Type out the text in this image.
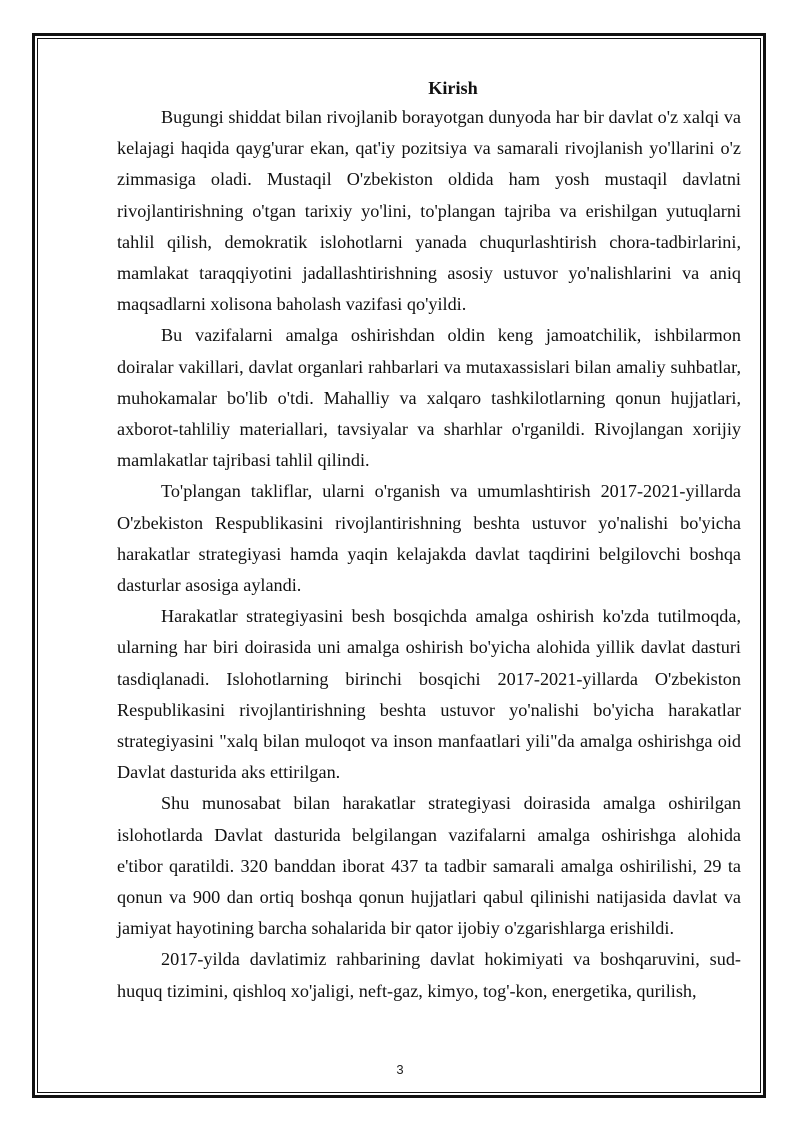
Kirish

Bugungi shiddat bilan rivojlanib borayotgan dunyoda har bir davlat o'z xalqi va kelajagi haqida qayg'urar ekan, qat'iy pozitsiya va samarali rivojlanish yo'llarini o'z zimmasiga oladi. Mustaqil O'zbekiston oldida ham yosh mustaqil davlatni rivojlantirishning o'tgan tarixiy yo'lini, to'plangan tajriba va erishilgan yutuqlarni tahlil qilish, demokratik islohotlarni yanada chuqurlashtirish chora-tadbirlarini, mamlakat taraqqiyotini jadallashtirishning asosiy ustuvor yo'nalishlarini va aniq maqsadlarni xolisona baholash vazifasi qo'yildi.

Bu vazifalarni amalga oshirishdan oldin keng jamoatchilik, ishbilarmon doiralar vakillari, davlat organlari rahbarlari va mutaxassislari bilan amaliy suhbatlar, muhokamalar bo'lib o'tdi. Mahalliy va xalqaro tashkilotlarning qonun hujjatlari, axborot-tahliliy materiallari, tavsiyalar va sharhlar o'rganildi. Rivojlangan xorijiy mamlakatlar tajribasi tahlil qilindi.

To'plangan takliflar, ularni o'rganish va umumlashtirish 2017-2021-yillarda O'zbekiston Respublikasini rivojlantirishning beshta ustuvor yo'nalishi bo'yicha harakatlar strategiyasi hamda yaqin kelajakda davlat taqdirini belgilovchi boshqa dasturlar asosiga aylandi.

Harakatlar strategiyasini besh bosqichda amalga oshirish ko'zda tutilmoqda, ularning har biri doirasida uni amalga oshirish bo'yicha alohida yillik davlat dasturi tasdiqlanadi. Islohotlarning birinchi bosqichi 2017-2021-yillarda O'zbekiston Respublikasini rivojlantirishning beshta ustuvor yo'nalishi bo'yicha harakatlar strategiyasini "xalq bilan muloqot va inson manfaatlari yili"da amalga oshirishga oid Davlat dasturida aks ettirilgan.

Shu munosabat bilan harakatlar strategiyasi doirasida amalga oshirilgan islohotlarda Davlat dasturida belgilangan vazifalarni amalga oshirishga alohida e'tibor qaratildi. 320 banddan iborat 437 ta tadbir samarali amalga oshirilishi, 29 ta qonun va 900 dan ortiq boshqa qonun hujjatlari qabul qilinishi natijasida davlat va jamiyat hayotining barcha sohalarida bir qator ijobiy o'zgarishlarga erishildi.

2017-yilda davlatimiz rahbarining davlat hokimiyati va boshqaruvini, sud-huquq tizimini, qishloq xo'jaligi, neft-gaz, kimyo, tog'-kon, energetika, qurilish,

3
